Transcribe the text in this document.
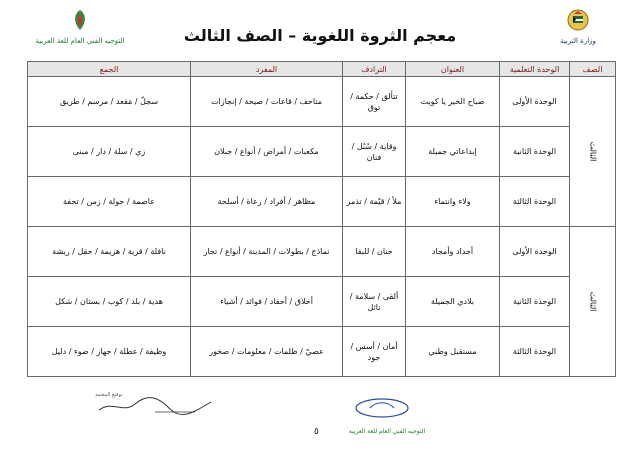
التوجيه الفني العام للغة العربية	معجم الثروة اللغوية – الصف الثالث	وزارة التربية
الصف	الوحدة التعلمية	العنوان	الترادف	المفرد	الجمع
الثالث	الوحدة الأولى	صباح الخير يا كويت	تتألق / حكمة / توق	متاحف / قاعات / صيحة / إنجازات	سجلّ / مَقعد / مرسم / طريق
	الوحدة الثانية	إبداعاتي جميلة	وقاية / سُبُل / فنان	مكعبات / أمراض / أنواع / جبلان	زي / سلة / دار / مبنى
	الوحدة الثالثة	ولاء وانتماء	ملأ / قيّمة / تذمر	مظاهر / أفراد / رعاة / أسلحة	عاصمة / جولة / زمن / تحفة
الثالث	الوحدة الأولى	أجداد وأمجاد	حنان / للبقا	نماذج / بطولات / المدينة / أنواع / تجار	نافلة / قرية / هزيمة / حقل / ريشة
	الوحدة الثانية	بلادي الجميلة	ألقى / سلامة / تائل	أخلاق / أحفاد / فوائد / أشياء	هدية / بلد / كوب / بستان / شكل
	الوحدة الثالثة	مستقبل وطني	أمان / أسس / جود	عصيّ / ظلمات / معلومات / صخور	وظيفة / عطلة / جهاز / ضوء / دليل
توقيع المعتمد
التوجيه الفني العام للغة العربية
٥
